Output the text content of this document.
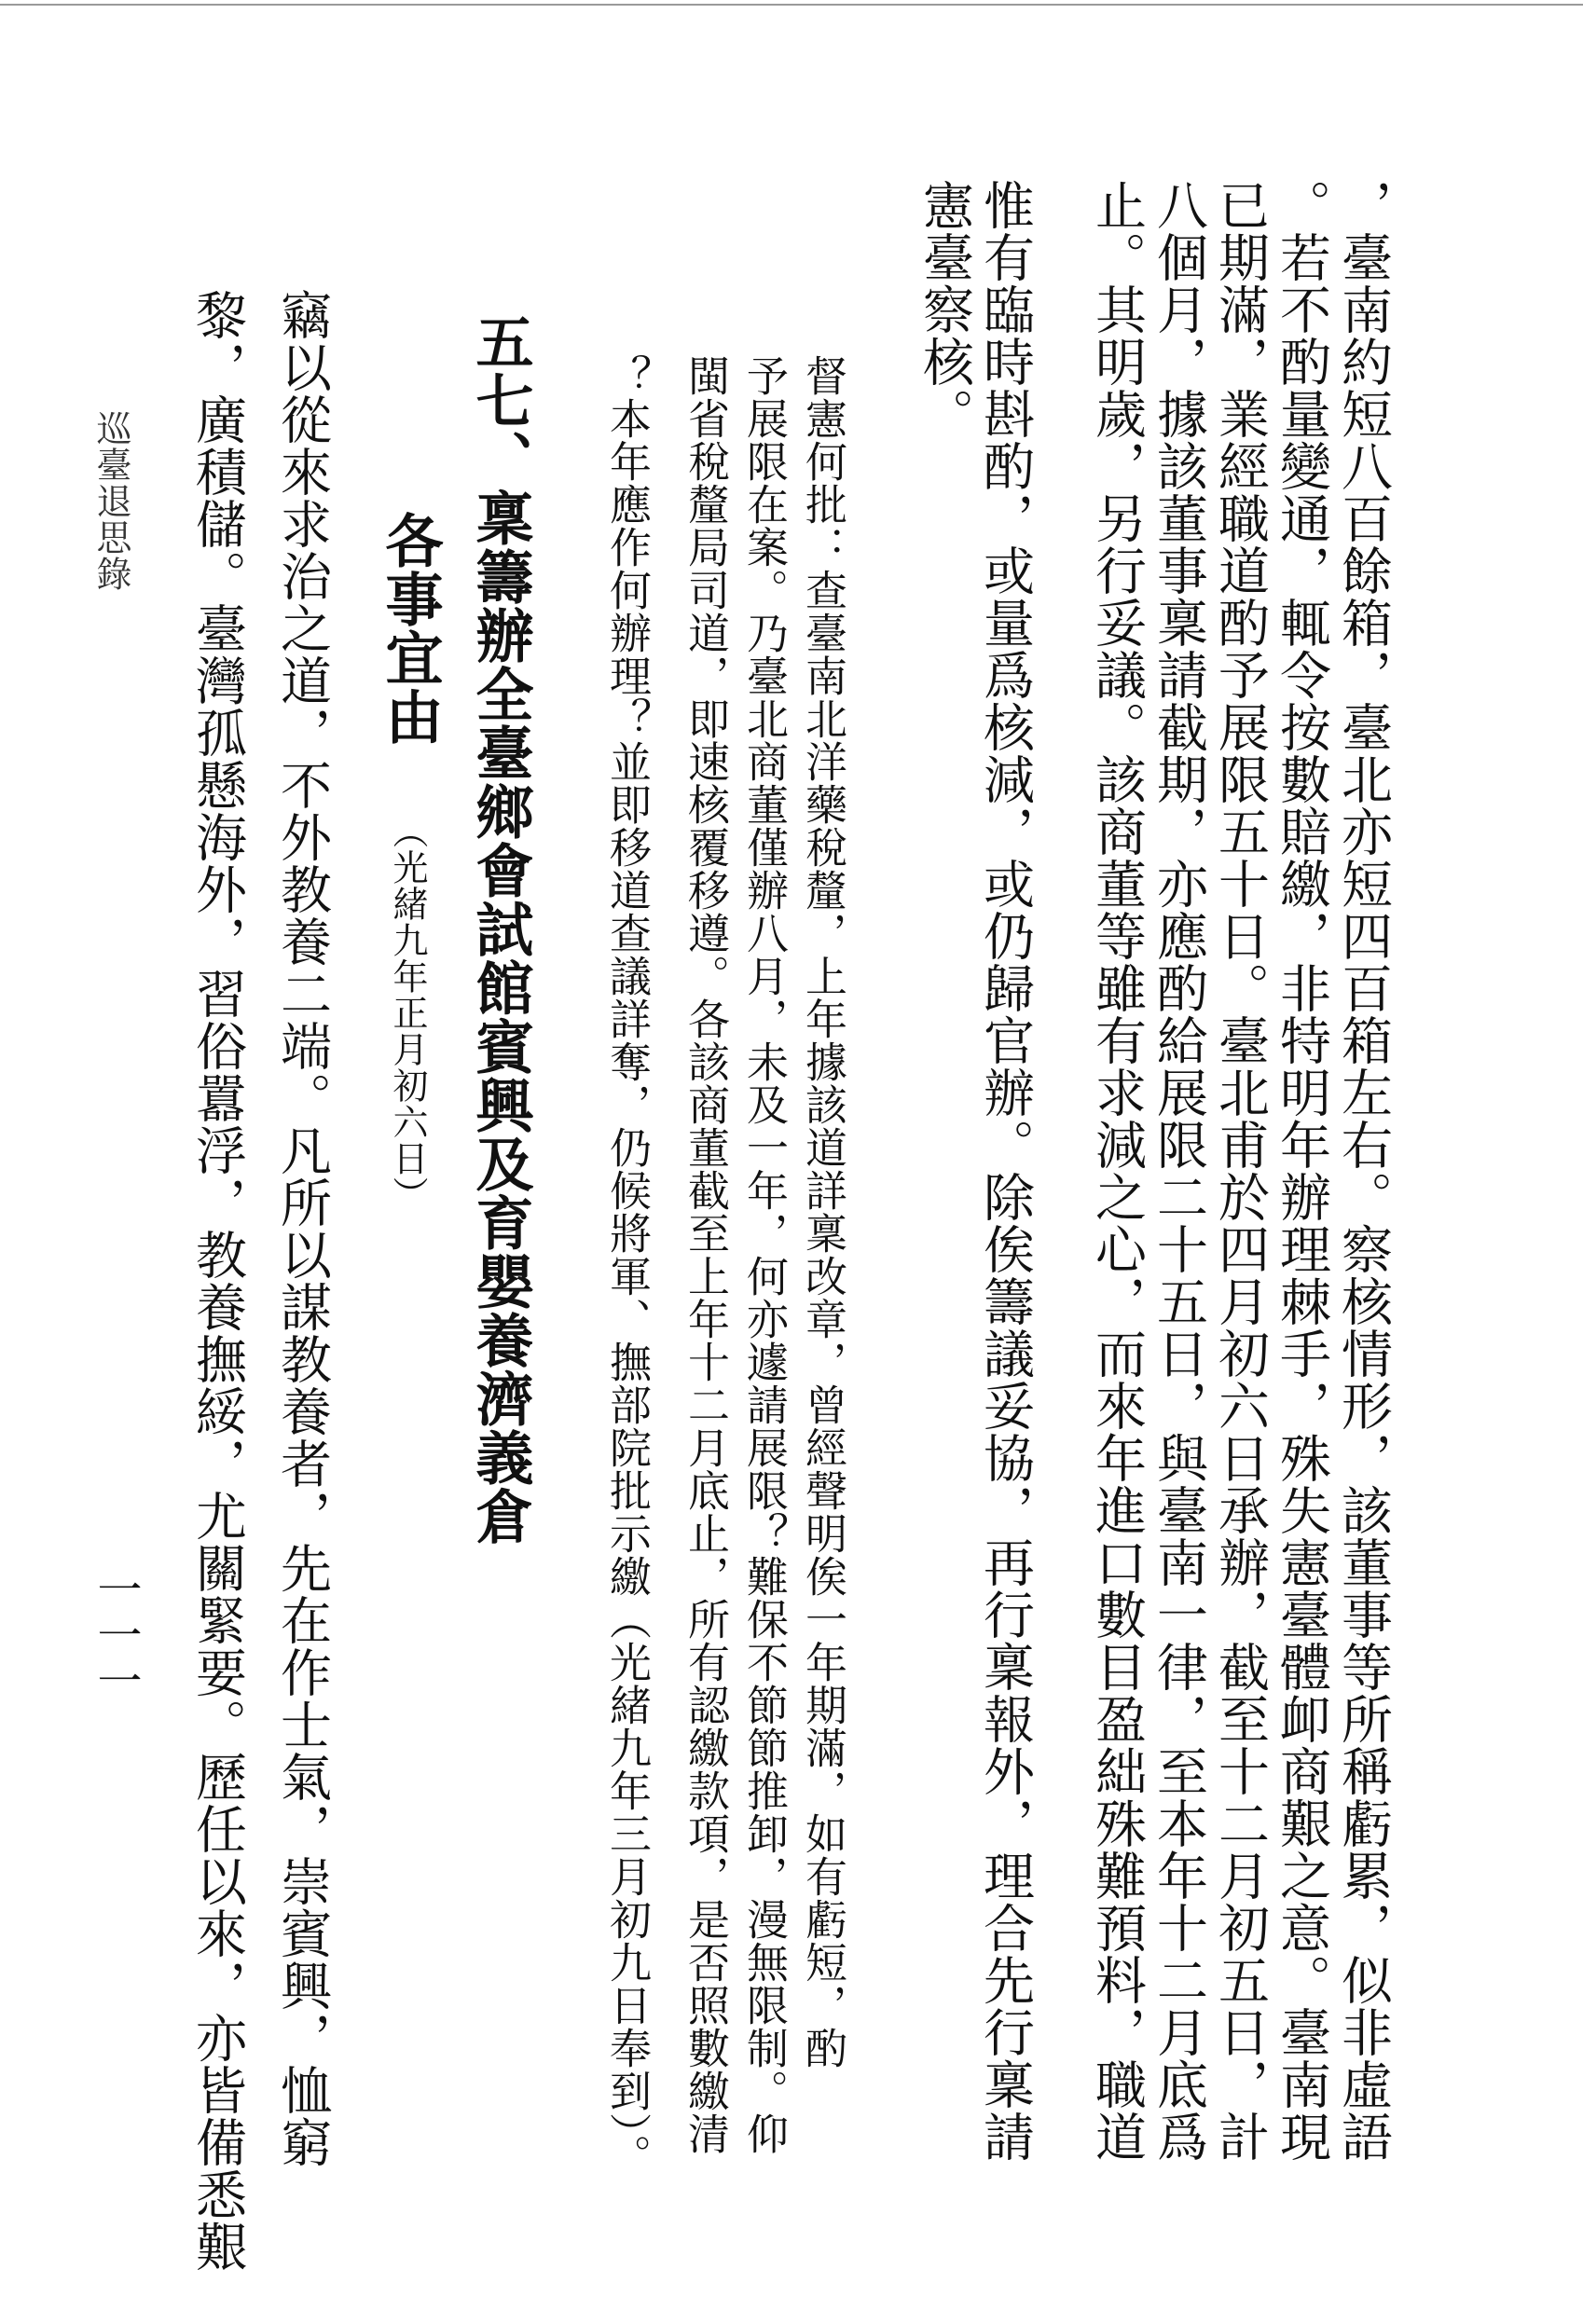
，臺南約短八百餘箱，臺北亦短四百箱左右。察核情形，該董事等所稱虧累，似非虛語
。若不酌量變通，輒令按數賠繳，非特明年辦理棘手，殊失憲臺體卹商艱之意。臺南現
已期滿，業經職道酌予展限五十日。臺北甫於四月初六日承辦，截至十二月初五日，計
八個月，據該董事稟請截期，亦應酌給展限二十五日，與臺南一律，至本年十二月底爲
止。其明歲，另行妥議。該商董等雖有求減之心，而來年進口數目盈絀殊難預料，職道
惟有臨時斟酌，或量爲核減，或仍歸官辦。除俟籌議妥協，再行稟報外，理合先行稟請
憲臺察核。
督憲何批：查臺南北洋藥稅釐，上年據該道詳稟改章，曾經聲明俟一年期滿，如有虧短，酌
予展限在案。乃臺北商董僅辦八月，未及一年，何亦遽請展限？難保不節節推卸，漫無限制。仰
閩省稅釐局司道，即速核覆移遵。各該商董截至上年十二月底止，所有認繳款項，是否照數繳清
？本年應作何辦理？並即移道查議詳奪，仍候將軍、撫部院批示繳（光緒九年三月初九日奉到）。
五七、稟籌辦全臺鄉會試館賓興及育嬰養濟義倉
各事宜由
（光緒九年正月初六日）
竊以從來求治之道，不外教養二端。凡所以謀教養者，先在作士氣，崇賓興，恤窮
黎，廣積儲。臺灣孤懸海外，習俗囂浮，教養撫綏，尤關緊要。歷任以來，亦皆備悉艱
巡臺退思錄
一一一
